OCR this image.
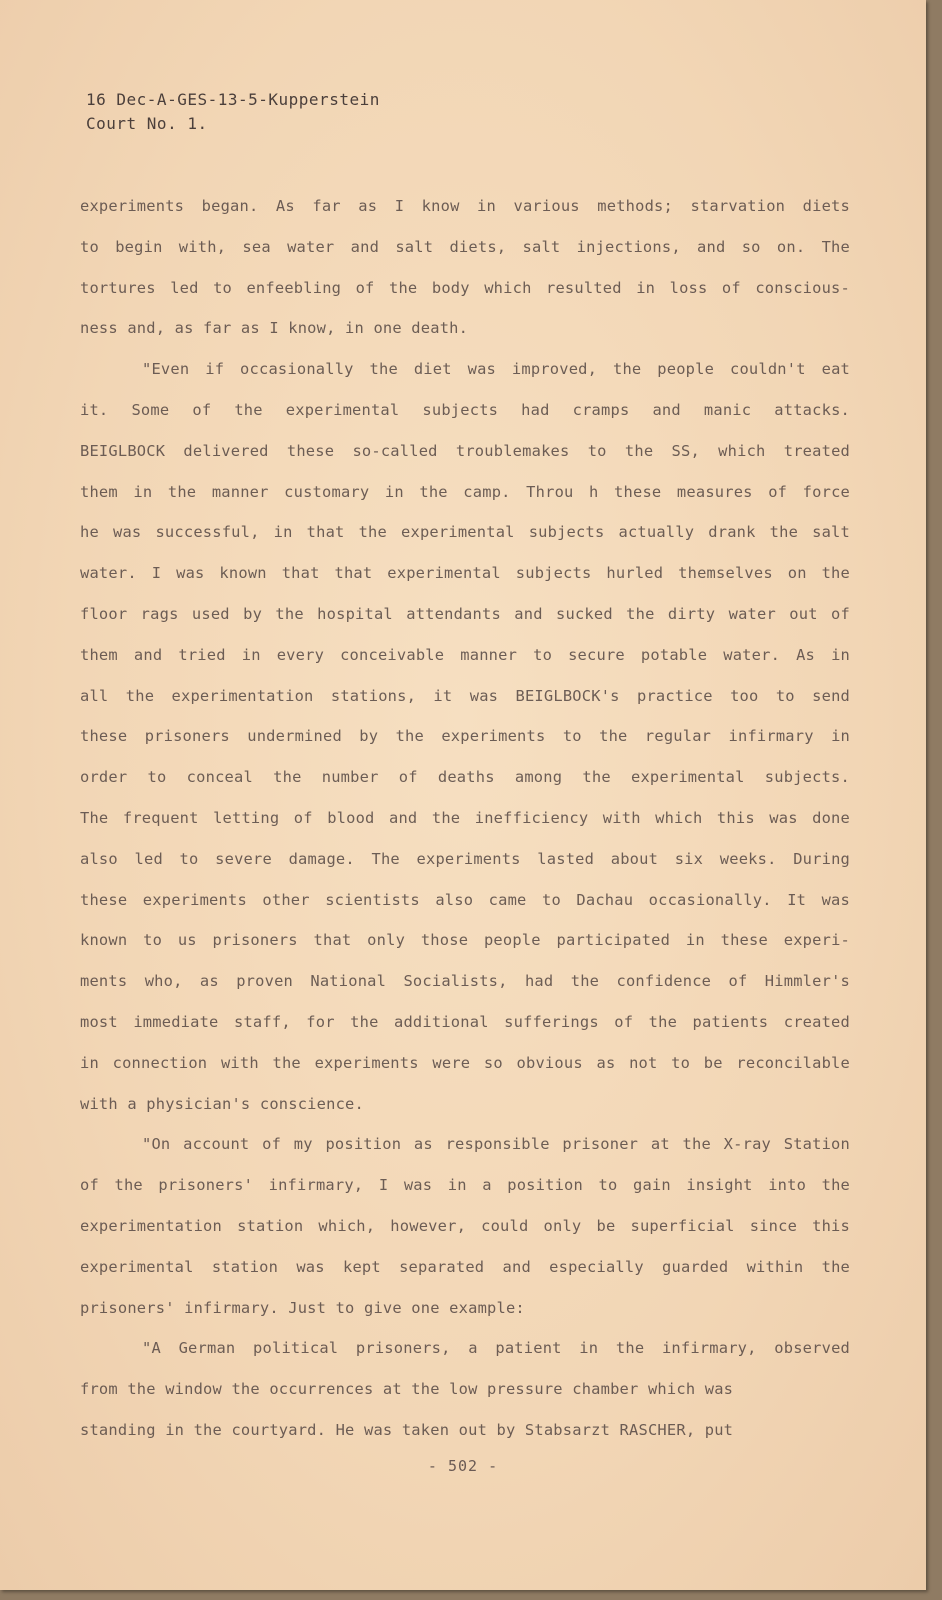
16 Dec-A-GES-13-5-Kupperstein
Court No. 1.
experiments began. As far as I know in various methods; starvation diets
to begin with, sea water and salt diets, salt injections, and so on. The
tortures led to enfeebling of the body which resulted in loss of conscious-
ness and, as far as I know, in one death.
"Even if occasionally the diet was improved, the people couldn't eat
it. Some of the experimental subjects had cramps and manic attacks.
BEIGLBOCK delivered these so-called troublemakes to the SS, which treated
them in the manner customary in the camp. Throu h these measures of force
he was successful, in that the experimental subjects actually drank the salt
water. I was known that that experimental subjects hurled themselves on the
floor rags used by the hospital attendants and sucked the dirty water out of
them and tried in every conceivable manner to secure potable water. As in
all the experimentation stations, it was BEIGLBOCK's practice too to send
these prisoners undermined by the experiments to the regular infirmary in
order to conceal the number of deaths among the experimental subjects.
The frequent letting of blood and the inefficiency with which this was done
also led to severe damage. The experiments lasted about six weeks. During
these experiments other scientists also came to Dachau occasionally. It was
known to us prisoners that only those people participated in these experi-
ments who, as proven National Socialists, had the confidence of Himmler's
most immediate staff, for the additional sufferings of the patients created
in connection with the experiments were so obvious as not to be reconcilable
with a physician's conscience.
"On account of my position as responsible prisoner at the X-ray Station
of the prisoners' infirmary, I was in a position to gain insight into the
experimentation station which, however, could only be superficial since this
experimental station was kept separated and especially guarded within the
prisoners' infirmary. Just to give one example:
"A German political prisoners, a patient in the infirmary, observed
from the window the occurrences at the low pressure chamber which was
standing in the courtyard. He was taken out by Stabsarzt RASCHER, put
- 502 -
